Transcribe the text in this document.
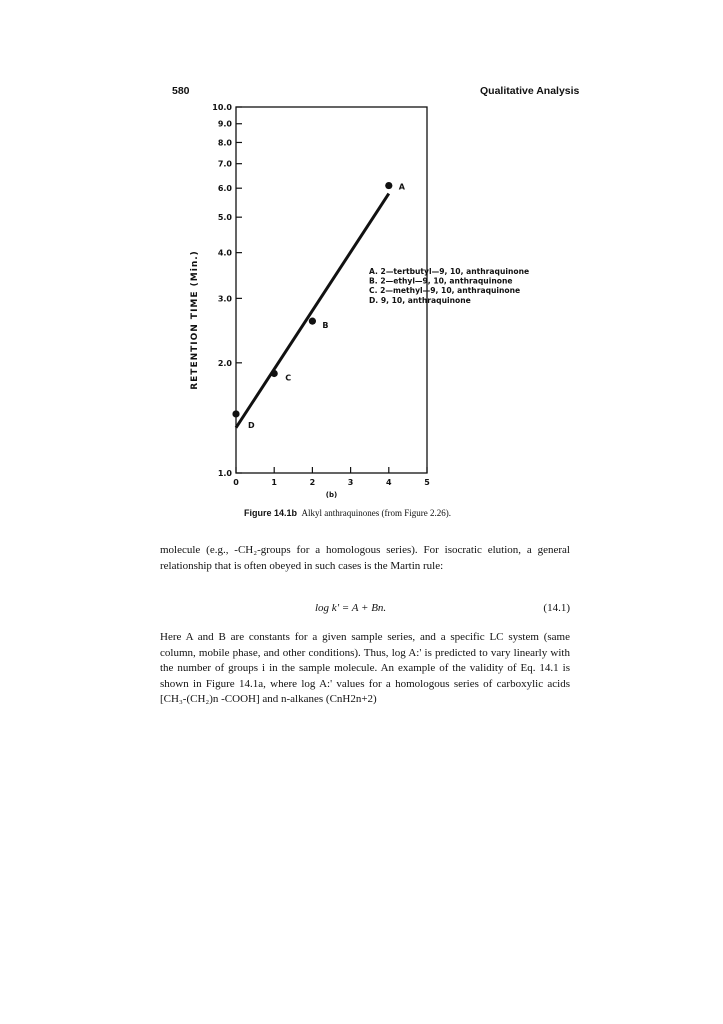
580	Qualitative Analysis
10.0
9.0
8.0
7.0
6.0
5.0
4.0
3.0
2.0
1.0
0	1	2	3	4	5
(b)
RETENTION TIME (Min.)
A
B
C
D
A. 2—tertbutyl—9, 10, anthraquinone
B. 2—ethyl—9, 10, anthraquinone
C. 2—methyl—9, 10, anthraquinone
D. 9, 10, anthraquinone
Figure 14.1b Alkyl anthraquinones (from Figure 2.26).
molecule (e.g., -CH₂-groups for a homologous series). For isocratic elution, a general relationship that is often obeyed in such cases is the Martin rule:
log k' = A + Bn.	(14.1)
Here A and B are constants for a given sample series, and a specific LC system (same column, mobile phase, and other conditions). Thus, log A:' is predicted to vary linearly with the number of groups i in the sample molecule. An example of the validity of Eq. 14.1 is shown in Figure 14.1a, where log A:' values for a homologous series of carboxylic acids [CH₃-(CH₂)n -COOH] and n-alkanes (CnH2n+2)
